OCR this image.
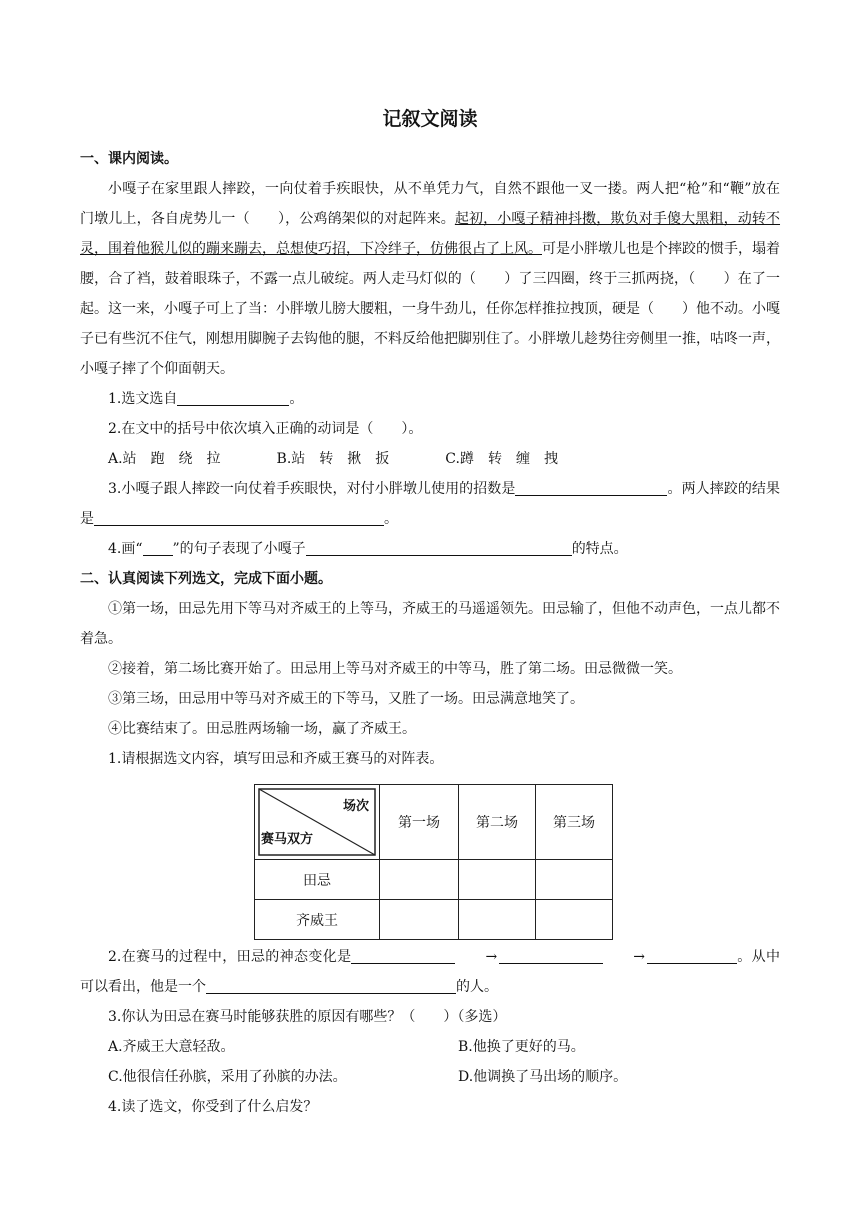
记叙文阅读
一、课内阅读。
小嘎子在家里跟人摔跤，一向仗着手疾眼快，从不单凭力气，自然不跟他一叉一搂。两人把“枪”和“鞭”放在门墩儿上，各自虎势儿一（　　），公鸡鹐架似的对起阵来。起初，小嘎子精神抖擞，欺负对手傻大黑粗，动转不灵，围着他猴儿似的蹦来蹦去，总想使巧招，下冷绊子，仿佛很占了上风。可是小胖墩儿也是个摔跤的惯手，塌着腰，合了裆，鼓着眼珠子，不露一点儿破绽。两人走马灯似的（　　）了三四圈，终于三抓两挠，（　　）在了一起。这一来，小嘎子可上了当：小胖墩儿膀大腰粗，一身牛劲儿，任你怎样推拉拽顶，硬是（　　）他不动。小嘎子已有些沉不住气，刚想用脚腕子去钩他的腿，不料反给他把脚别住了。小胖墩儿趁势往旁侧里一推，咕咚一声，小嘎子摔了个仰面朝天。
1.选文选自	。
2.在文中的括号中依次填入正确的动词是（　　）。
A.站　跑　绕　拉　　　　B.站　转　揪　扳　　　　C.蹲　转　缠　拽
3.小嘎子跟人摔跤一向仗着手疾眼快，对付小胖墩儿使用的招数是	。两人摔跤的结果是	。
4.画“ ”的句子表现了小嘎子	的特点。
二、认真阅读下列选文，完成下面小题。
①第一场，田忌先用下等马对齐威王的上等马，齐威王的马遥遥领先。田忌输了，但他不动声色，一点儿都不着急。
②接着，第二场比赛开始了。田忌用上等马对齐威王的中等马，胜了第二场。田忌微微一笑。
③第三场，田忌用中等马对齐威王的下等马，又胜了一场。田忌满意地笑了。
④比赛结束了。田忌胜两场输一场，赢了齐威王。
1.请根据选文内容，填写田忌和齐威王赛马的对阵表。
场次
赛马双方	第一场	第二场	第三场
田忌			
齐威王			
2.在赛马的过程中，田忌的神态变化是	→	→	。从中可以看出，他是一个	的人。
3.你认为田忌在赛马时能够获胜的原因有哪些？（　　）（多选）
A.齐威王大意轻敌。	B.他换了更好的马。
C.他很信任孙膑，采用了孙膑的办法。	D.他调换了马出场的顺序。
4.读了选文，你受到了什么启发？
